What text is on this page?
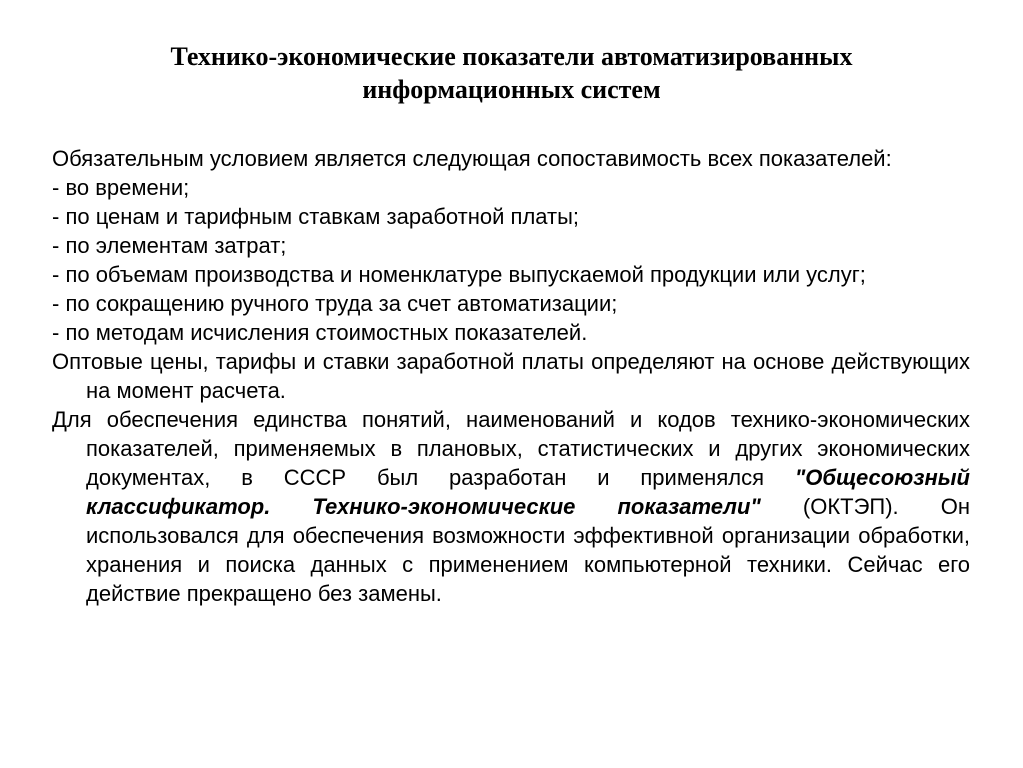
Технико-экономические показатели автоматизированных
информационных систем

Обязательным условием является следующая сопоставимость всех показателей:

- во времени;

- по ценам и тарифным ставкам заработной платы;

- по элементам затрат;

- по объемам производства и номенклатуре выпускаемой продукции или услуг;

- по сокращению ручного труда за счет автоматизации;

- по методам исчисления стоимостных показателей.

Оптовые цены, тарифы и ставки заработной платы определяют на основе действующих на момент расчета.

Для обеспечения единства понятий, наименований и кодов технико-экономических показателей, применяемых в плановых, статистических и других экономических документах, в СССР был разработан и применялся "Общесоюзный классификатор. Технико-экономические показатели" (ОКТЭП). Он использовался для обеспечения возможности эффективной организации обработки, хранения и поиска данных с применением компьютерной техники. Сейчас его действие прекращено без замены.
